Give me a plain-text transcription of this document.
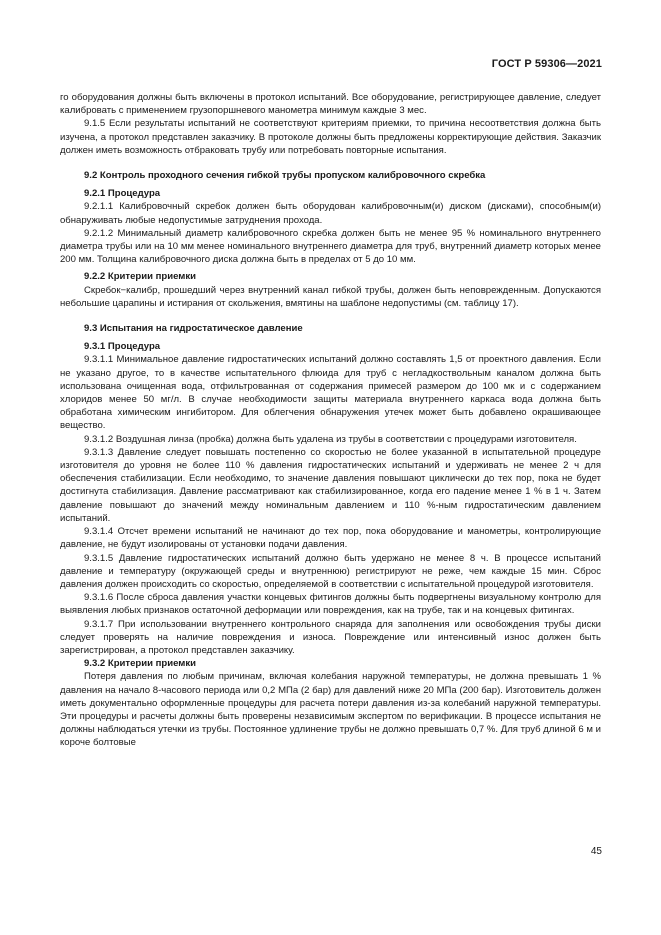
ГОСТ Р 59306—2021

го оборудования должны быть включены в протокол испытаний. Все оборудование, регистрирующее давление, следует калибровать с применением грузопоршневого манометра минимум каждые 3 мес.

9.1.5 Если результаты испытаний не соответствуют критериям приемки, то причина несоответствия должна быть изучена, а протокол представлен заказчику. В протоколе должны быть предложены корректирующие действия. Заказчик должен иметь возможность отбраковать трубу или потребовать повторные испытания.

9.2 Контроль проходного сечения гибкой трубы пропуском калибровочного скребка

9.2.1 Процедура

9.2.1.1 Калибровочный скребок должен быть оборудован калибровочным(и) диском (дисками), способным(и) обнаруживать любые недопустимые затруднения прохода.

9.2.1.2 Минимальный диаметр калибровочного скребка должен быть не менее 95 % номинального внутреннего диаметра трубы или на 10 мм менее номинального внутреннего диаметра для труб, внутренний диаметр которых менее 200 мм. Толщина калибровочного диска должна быть в пределах от 5 до 10 мм.

9.2.2 Критерии приемки

Скребок−калибр, прошедший через внутренний канал гибкой трубы, должен быть неповрежденным. Допускаются небольшие царапины и истирания от скольжения, вмятины на шаблоне недопустимы (см. таблицу 17).

9.3 Испытания на гидростатическое давление

9.3.1 Процедура

9.3.1.1 Минимальное давление гидростатических испытаний должно составлять 1,5 от проектного давления. Если не указано другое, то в качестве испытательного флюида для труб с негладкоствольным каналом должна быть использована очищенная вода, отфильтрованная от содержания примесей размером до 100 мк и с содержанием хлоридов менее 50 мг/л. В случае необходимости защиты материала внутреннего каркаса вода должна быть обработана химическим ингибитором. Для облегчения обнаружения утечек может быть добавлено окрашивающее вещество.

9.3.1.2 Воздушная линза (пробка) должна быть удалена из трубы в соответствии с процедурами изготовителя.

9.3.1.3 Давление следует повышать постепенно со скоростью не более указанной в испытательной процедуре изготовителя до уровня не более 110 % давления гидростатических испытаний и удерживать не менее 2 ч для обеспечения стабилизации. Если необходимо, то значение давления повышают циклически до тех пор, пока не будет достигнута стабилизация. Давление рассматривают как стабилизированное, когда его падение менее 1 % в 1 ч. Затем давление повышают до значений между номинальным давлением и 110 %-ным гидростатическим давлением испытаний.

9.3.1.4 Отсчет времени испытаний не начинают до тех пор, пока оборудование и манометры, контролирующие давление, не будут изолированы от установки подачи давления.

9.3.1.5 Давление гидростатических испытаний должно быть удержано не менее 8 ч. В процессе испытаний давление и температуру (окружающей среды и внутреннюю) регистрируют не реже, чем каждые 15 мин. Сброс давления должен происходить со скоростью, определяемой в соответствии с испытательной процедурой изготовителя.

9.3.1.6 После сброса давления участки концевых фитингов должны быть подвергнены визуальному контролю для выявления любых признаков остаточной деформации или повреждения, как на трубе, так и на концевых фитингах.

9.3.1.7 При использовании внутреннего контрольного снаряда для заполнения или освобождения трубы диски следует проверять на наличие повреждения и износа. Повреждение или интенсивный износ должен быть зарегистрирован, а протокол представлен заказчику.

9.3.2 Критерии приемки

Потеря давления по любым причинам, включая колебания наружной температуры, не должна превышать 1 % давления на начало 8-часового периода или 0,2 МПа (2 бар) для давлений ниже 20 МПа (200 бар). Изготовитель должен иметь документально оформленные процедуры для расчета потери давления из-за колебаний наружной температуры. Эти процедуры и расчеты должны быть проверены независимым экспертом по верификации. В процессе испытания не должны наблюдаться утечки из трубы. Постоянное удлинение трубы не должно превышать 0,7 %. Для труб длиной 6 м и короче болтовые

45
